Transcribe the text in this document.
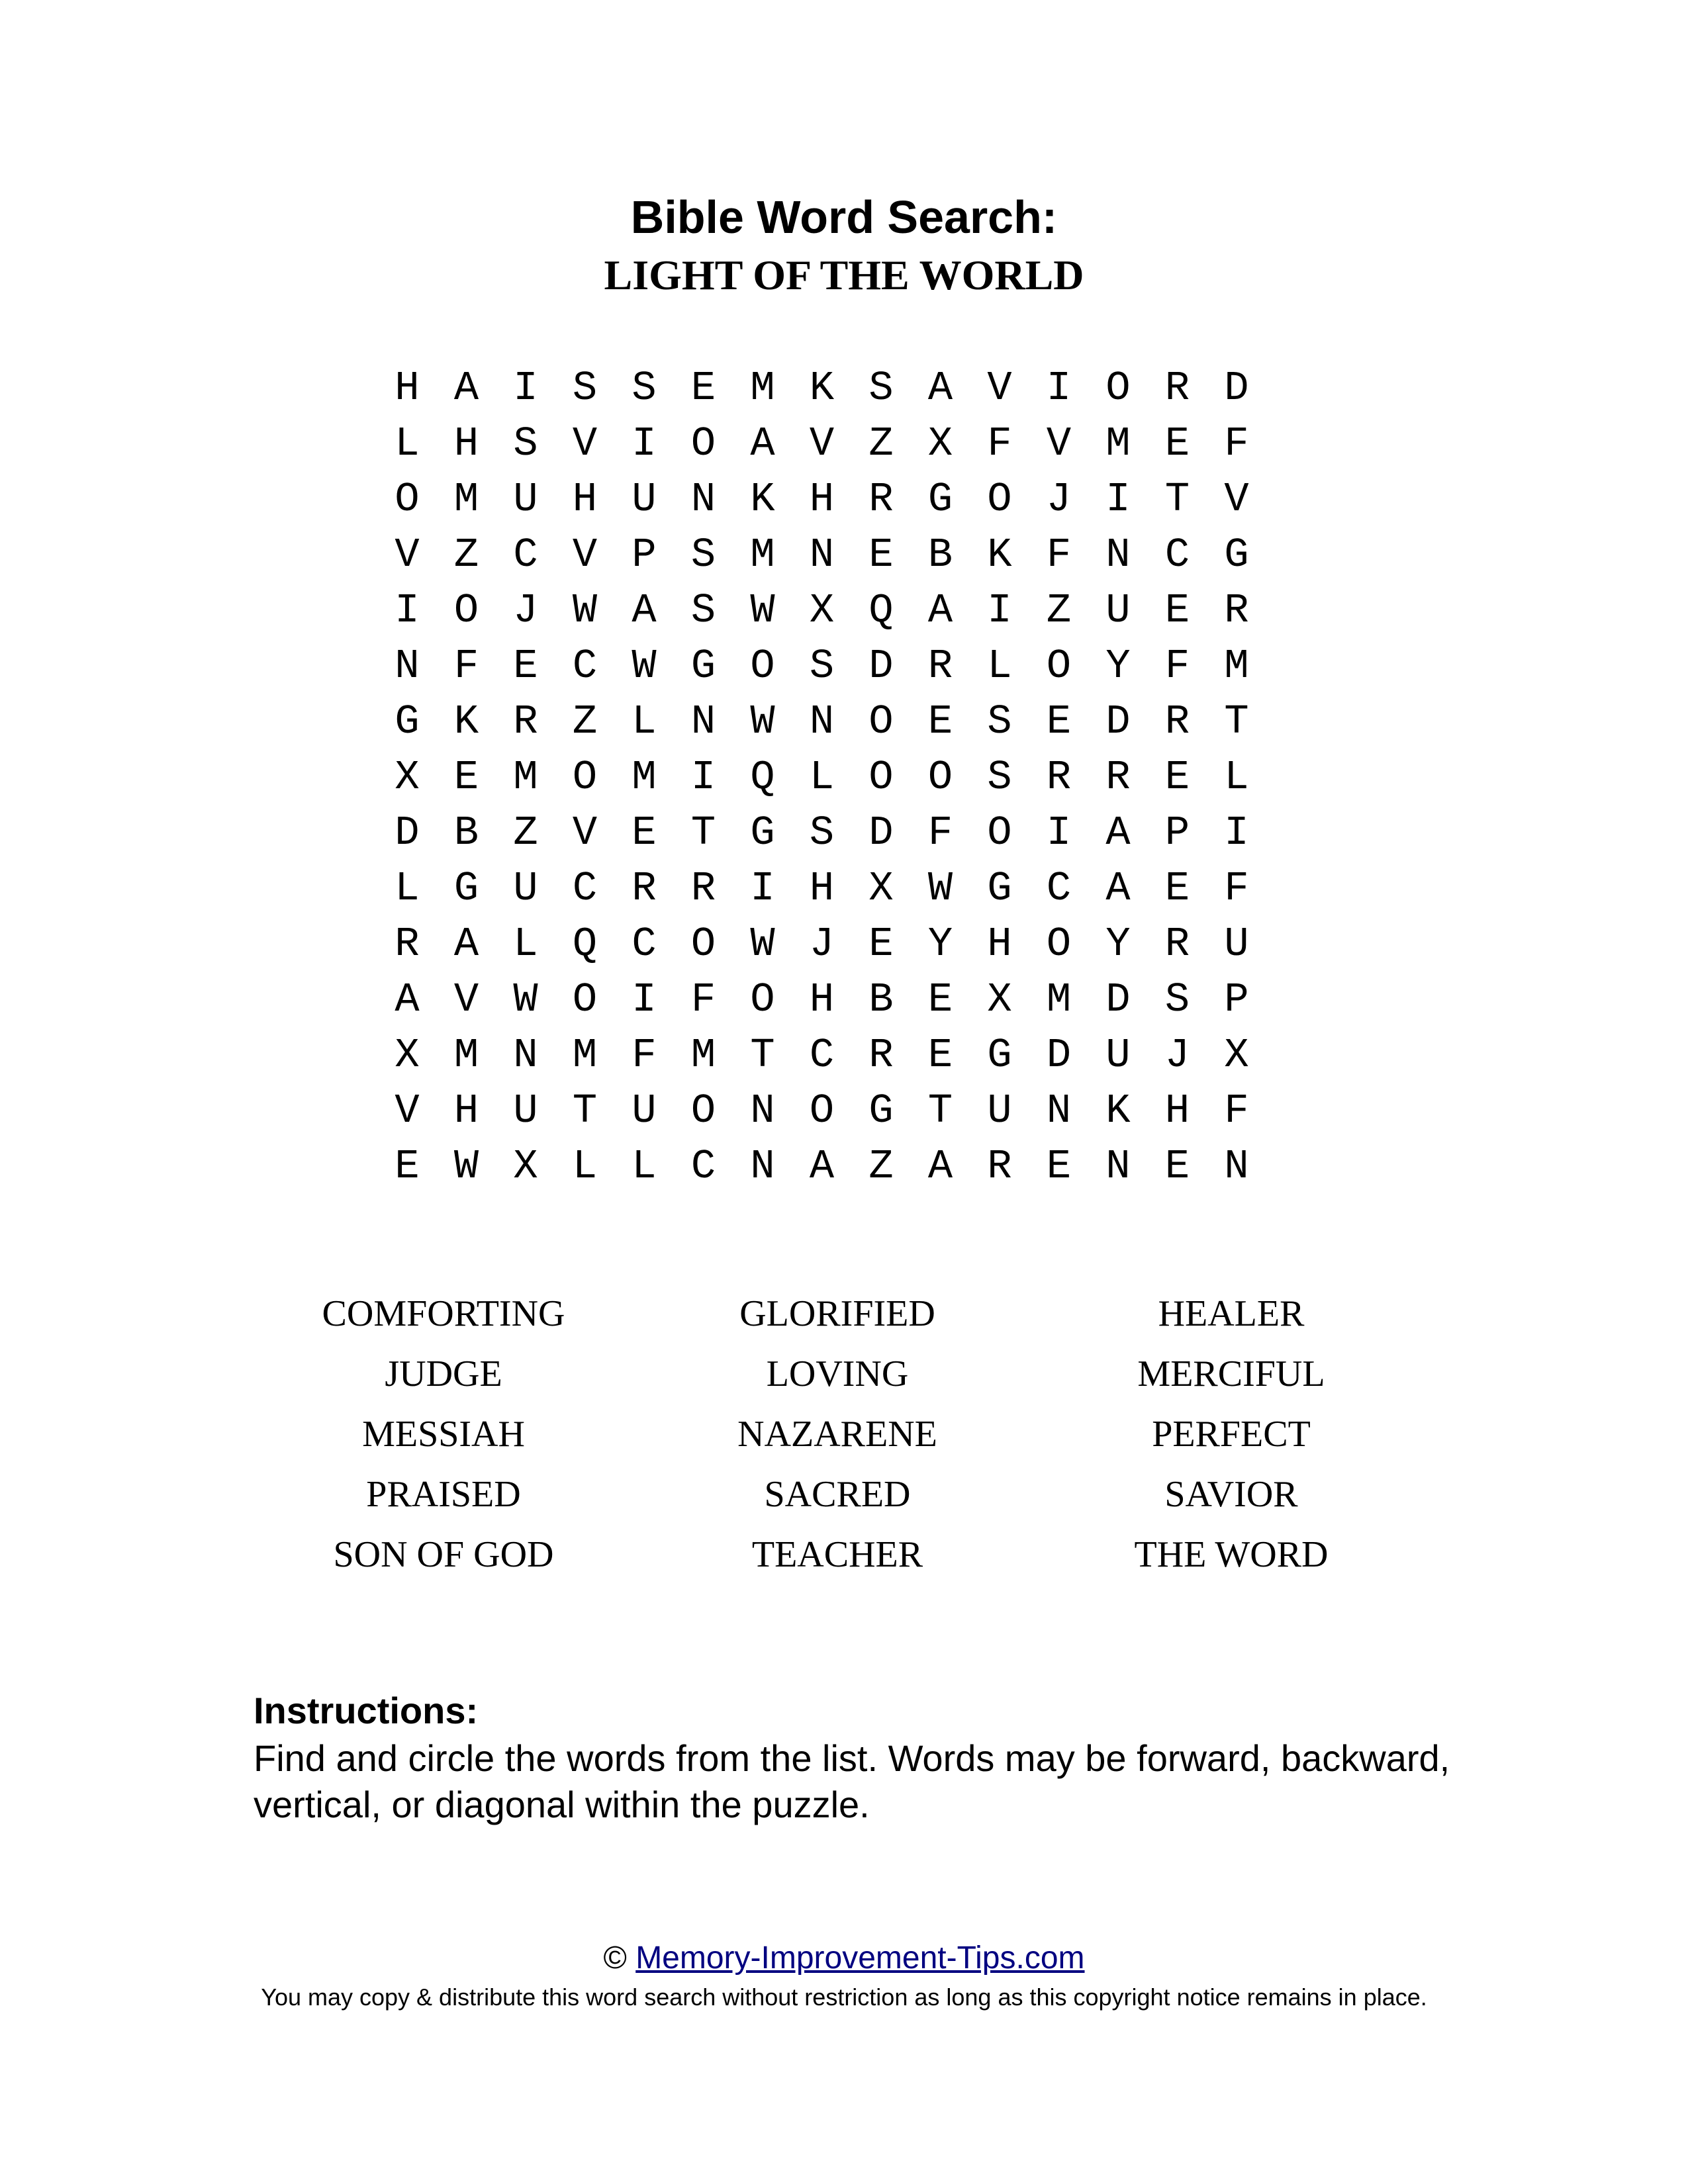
Bible Word Search:
LIGHT OF THE WORLD
H A I S S E M K S A V I O R D
L H S V I O A V Z X F V M E F
O M U H U N K H R G O J I T V
V Z C V P S M N E B K F N C G
I O J W A S W X Q A I Z U E R
N F E C W G O S D R L O Y F M
G K R Z L N W N O E S E D R T
X E M O M I Q L O O S R R E L
D B Z V E T G S D F O I A P I
L G U C R R I H X W G C A E F
R A L Q C O W J E Y H O Y R U
A V W O I F O H B E X M D S P
X M N M F M T C R E G D U J X
V H U T U O N O G T U N K H F
E W X L L C N A Z A R E N E N
COMFORTING	GLORIFIED	HEALER
JUDGE	LOVING	MERCIFUL
MESSIAH	NAZARENE	PERFECT
PRAISED	SACRED	SAVIOR
SON OF GOD	TEACHER	THE WORD
Instructions:
Find and circle the words from the list. Words may be forward, backward, vertical, or diagonal within the puzzle.
© Memory-Improvement-Tips.com
You may copy & distribute this word search without restriction as long as this copyright notice remains in place.
